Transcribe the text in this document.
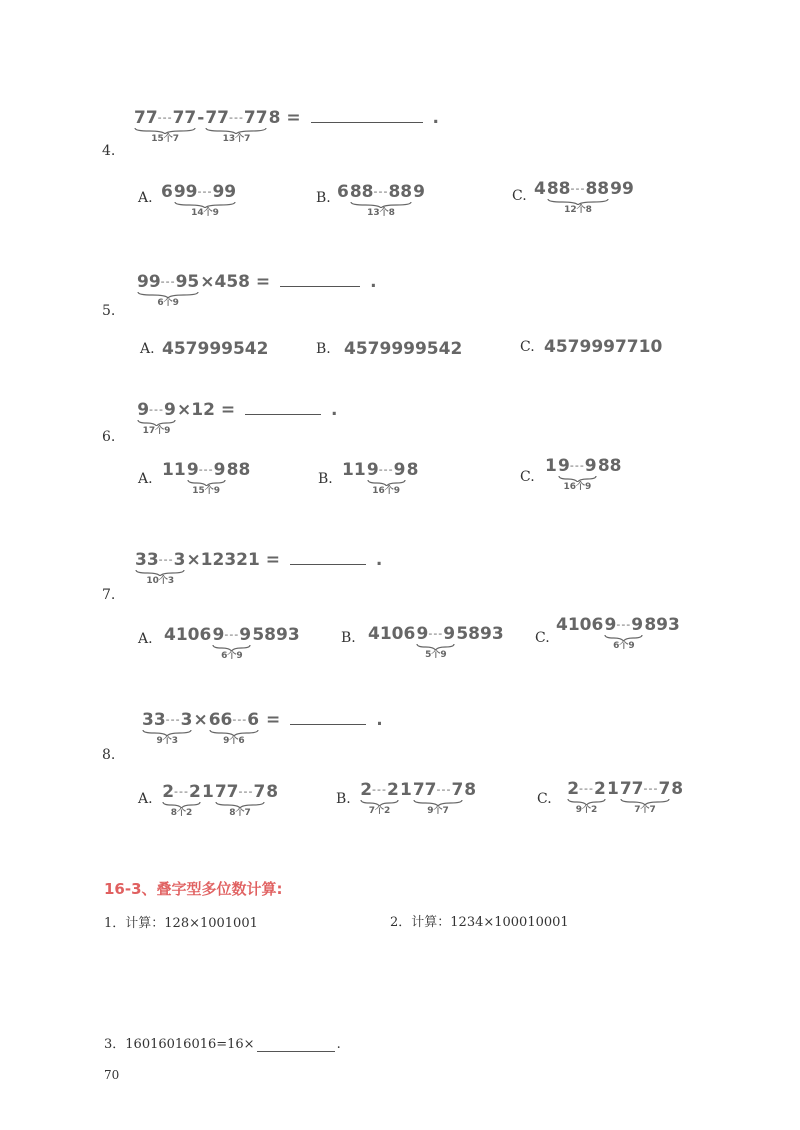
77---77
15个7
- 77---77
13个7
8 =	.
4.
A. 6 99---99
14个9
B. 6 88---88
13个8
9	C. 4 88---88
12个8
99
99---95
6个9
×458 =	.
5.
A. 457999542	B. 4579999542	C. 4579997710
9---9
17个9
×12 =	.
6.
A. 11 9---9
15个9
88	B. 11 9---9
16个9
8	C.
1 9---9
16个9
88
33---3
10个3
×12321 =	.
7.
A. 4106 9---9
6个9
5893	B. 4106 9---9
5个9
5893 C.
4106 9---9
6个9
893
33---3
9个3
× 66---6
9个6
=	.
8.
A. 2---2
8个2
1 77---7
8个7
8	B. 2---2
7个2
1 77---7
9个7
8	C. 2---2
9个2
1 77---7
7个7
8
16-3、叠字型多位数计算:
1．计算：128×1001001	2．计算：1234×100010001
3．16016016016=16×	.
70
